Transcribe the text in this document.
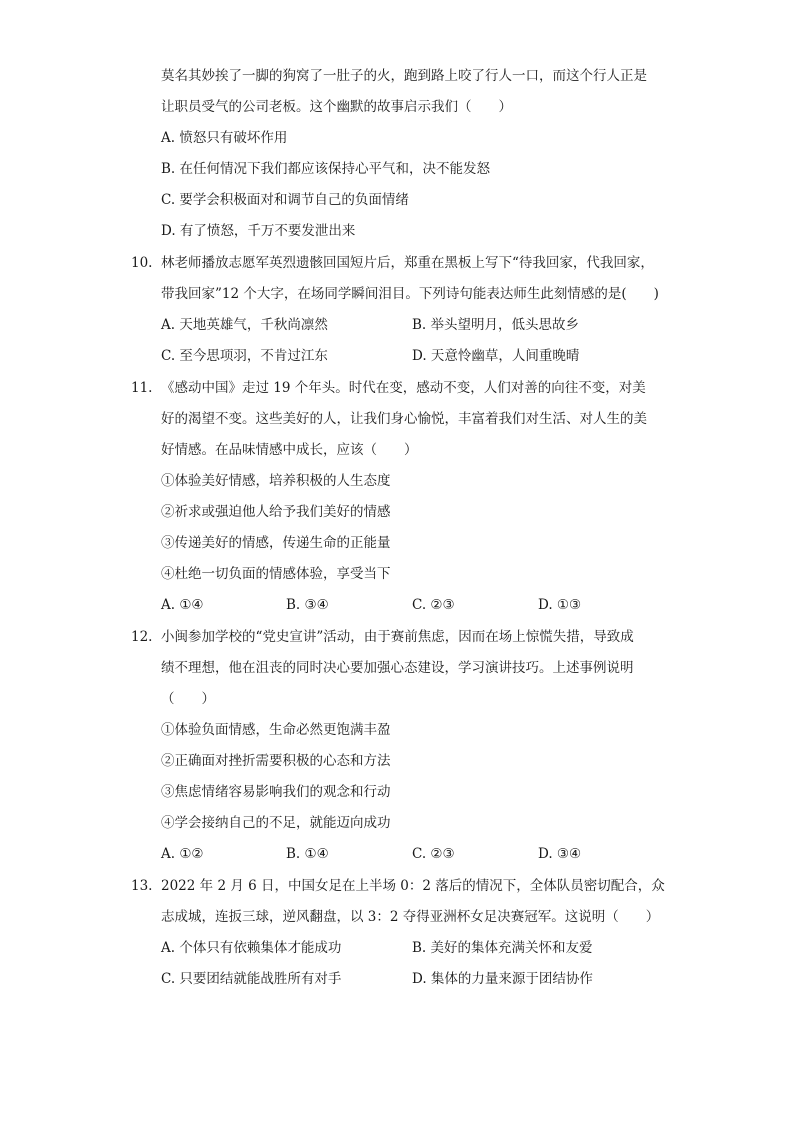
莫名其妙挨了一脚的狗窝了一肚子的火，跑到路上咬了行人一口，而这个行人正是
让职员受气的公司老板。这个幽默的故事启示我们（　　）
A. 愤怒只有破坏作用
B. 在任何情况下我们都应该保持心平气和，决不能发怒
C. 要学会积极面对和调节自己的负面情绪
D. 有了愤怒，千万不要发泄出来
10. 林老师播放志愿军英烈遗骸回国短片后，郑重在黑板上写下“待我回家，代我回家，
带我回家”12 个大字，在场同学瞬间泪目。下列诗句能表达师生此刻情感的是(　　)
A. 天地英雄气，千秋尚凛然	B. 举头望明月，低头思故乡
C. 至今思项羽，不肯过江东	D. 天意怜幽草，人间重晚晴
11. 《感动中国》走过 19 个年头。时代在变，感动不变，人们对善的向往不变，对美
好的渴望不变。这些美好的人，让我们身心愉悦，丰富着我们对生活、对人生的美
好情感。在品味情感中成长，应该（　　）
①体验美好情感，培养积极的人生态度
②祈求或强迫他人给予我们美好的情感
③传递美好的情感，传递生命的正能量
④杜绝一切负面的情感体验，享受当下
A. ①④	B. ③④	C. ②③	D. ①③
12. 小闽参加学校的“党史宣讲”活动，由于赛前焦虑，因而在场上惊慌失措，导致成
绩不理想，他在沮丧的同时决心要加强心态建设，学习演讲技巧。上述事例说明
（　　）
①体验负面情感，生命必然更饱满丰盈
②正确面对挫折需要积极的心态和方法
③焦虑情绪容易影响我们的观念和行动
④学会接纳自己的不足，就能迈向成功
A. ①②	B. ①④	C. ②③	D. ③④
13. 2022 年 2 月 6 日，中国女足在上半场 0：2 落后的情况下，全体队员密切配合，众
志成城，连扳三球，逆风翻盘，以 3：2 夺得亚洲杯女足决赛冠军。这说明（　　）
A. 个体只有依赖集体才能成功	B. 美好的集体充满关怀和友爱
C. 只要团结就能战胜所有对手	D. 集体的力量来源于团结协作
